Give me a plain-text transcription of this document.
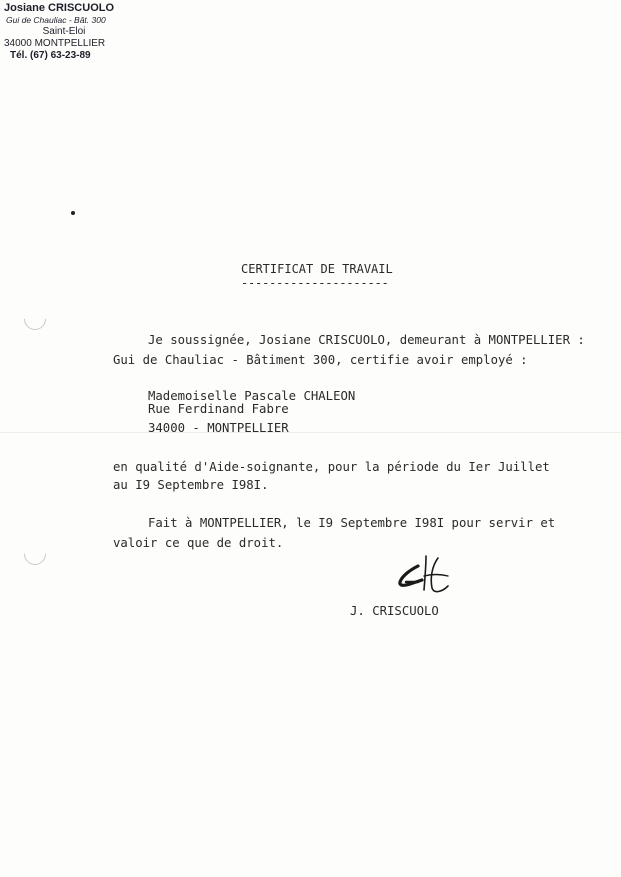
Josiane CRISCUOLO
Gui de Chauliac - Bât. 300
Saint-Eloi
34000 MONTPELLIER
Tél. (67) 63-23-89
CERTIFICAT DE TRAVAIL
---------------------
Je soussignée, Josiane CRISCUOLO, demeurant à MONTPELLIER :
Gui de Chauliac - Bâtiment 300, certifie avoir employé :
Mademoiselle Pascale CHALEON
Rue Ferdinand Fabre
34000 - MONTPELLIER
en qualité d'Aide-soignante, pour la période du Ier Juillet
au I9 Septembre I98I.
Fait à MONTPELLIER, le I9 Septembre I98I pour servir et
valoir ce que de droit.
J. CRISCUOLO
